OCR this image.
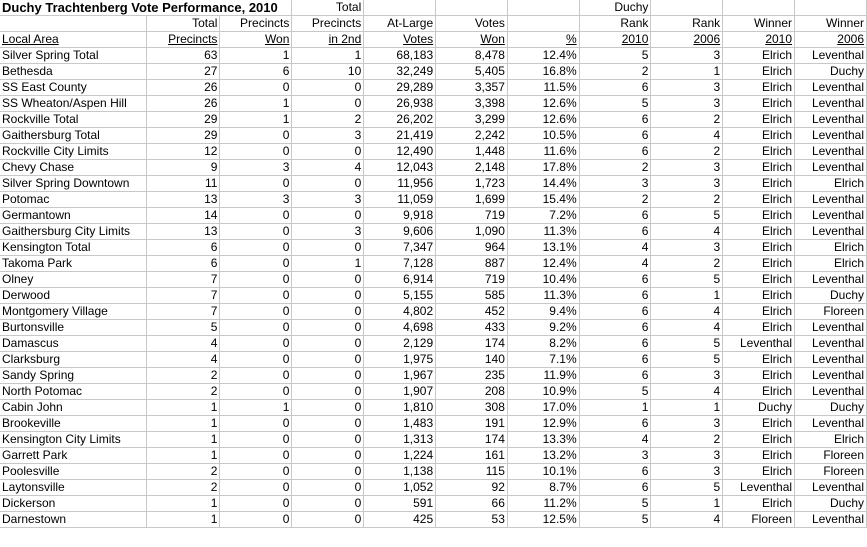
Duchy Trachtenberg Vote Performance, 2010			Total				Duchy			
	Total	Precincts	Precincts	At-Large	Votes		Rank	Rank	Winner	Winner
Local Area	Precincts	Won	in 2nd	Votes	Won	%	2010	2006	2010	2006
Silver Spring Total	63	1	1	68,183	8,478	12.4%	5	3	Elrich	Leventhal
Bethesda	27	6	10	32,249	5,405	16.8%	2	1	Elrich	Duchy
SS East County	26	0	0	29,289	3,357	11.5%	6	3	Elrich	Leventhal
SS Wheaton/Aspen Hill	26	1	0	26,938	3,398	12.6%	5	3	Elrich	Leventhal
Rockville Total	29	1	2	26,202	3,299	12.6%	6	2	Elrich	Leventhal
Gaithersburg Total	29	0	3	21,419	2,242	10.5%	6	4	Elrich	Leventhal
Rockville City Limits	12	0	0	12,490	1,448	11.6%	6	2	Elrich	Leventhal
Chevy Chase	9	3	4	12,043	2,148	17.8%	2	3	Elrich	Leventhal
Silver Spring Downtown	11	0	0	11,956	1,723	14.4%	3	3	Elrich	Elrich
Potomac	13	3	3	11,059	1,699	15.4%	2	2	Elrich	Leventhal
Germantown	14	0	0	9,918	719	7.2%	6	5	Elrich	Leventhal
Gaithersburg City Limits	13	0	3	9,606	1,090	11.3%	6	4	Elrich	Leventhal
Kensington Total	6	0	0	7,347	964	13.1%	4	3	Elrich	Elrich
Takoma Park	6	0	1	7,128	887	12.4%	4	2	Elrich	Elrich
Olney	7	0	0	6,914	719	10.4%	6	5	Elrich	Leventhal
Derwood	7	0	0	5,155	585	11.3%	6	1	Elrich	Duchy
Montgomery Village	7	0	0	4,802	452	9.4%	6	4	Elrich	Floreen
Burtonsville	5	0	0	4,698	433	9.2%	6	4	Elrich	Leventhal
Damascus	4	0	0	2,129	174	8.2%	6	5	Leventhal	Leventhal
Clarksburg	4	0	0	1,975	140	7.1%	6	5	Elrich	Leventhal
Sandy Spring	2	0	0	1,967	235	11.9%	6	3	Elrich	Leventhal
North Potomac	2	0	0	1,907	208	10.9%	5	4	Elrich	Leventhal
Cabin John	1	1	0	1,810	308	17.0%	1	1	Duchy	Duchy
Brookeville	1	0	0	1,483	191	12.9%	6	3	Elrich	Leventhal
Kensington City Limits	1	0	0	1,313	174	13.3%	4	2	Elrich	Elrich
Garrett Park	1	0	0	1,224	161	13.2%	3	3	Elrich	Floreen
Poolesville	2	0	0	1,138	115	10.1%	6	3	Elrich	Floreen
Laytonsville	2	0	0	1,052	92	8.7%	6	5	Leventhal	Leventhal
Dickerson	1	0	0	591	66	11.2%	5	1	Elrich	Duchy
Darnestown	1	0	0	425	53	12.5%	5	4	Floreen	Leventhal
